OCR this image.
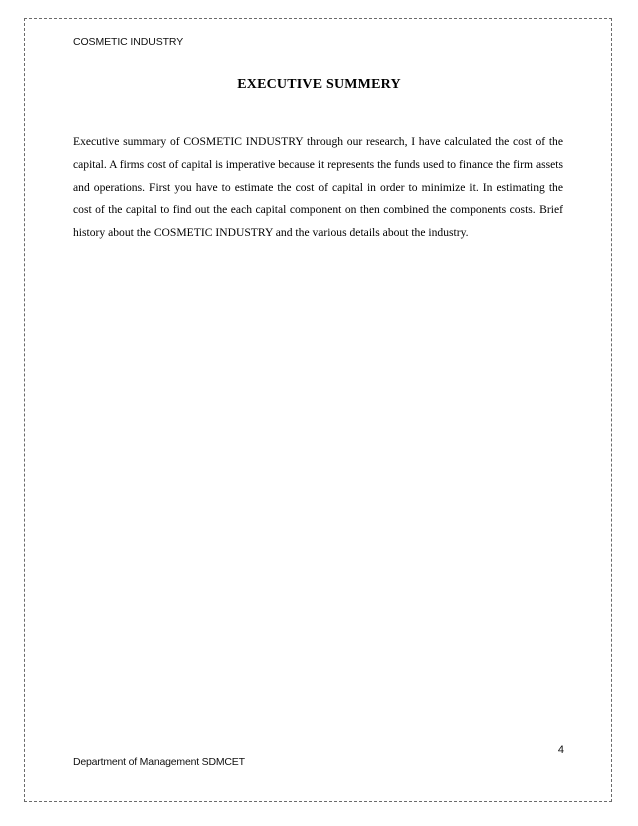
COSMETIC INDUSTRY
EXECUTIVE SUMMERY

Executive summary of COSMETIC INDUSTRY through our research, I have calculated the cost of the capital. A firms cost of capital is imperative because it represents the funds used to finance the firm assets and operations. First you have to estimate the cost of capital in order to minimize it. In estimating the cost of the capital to find out the each capital component on then combined the components costs. Brief history about the COSMETIC INDUSTRY and the various details about the industry.

4
Department of Management SDMCET
